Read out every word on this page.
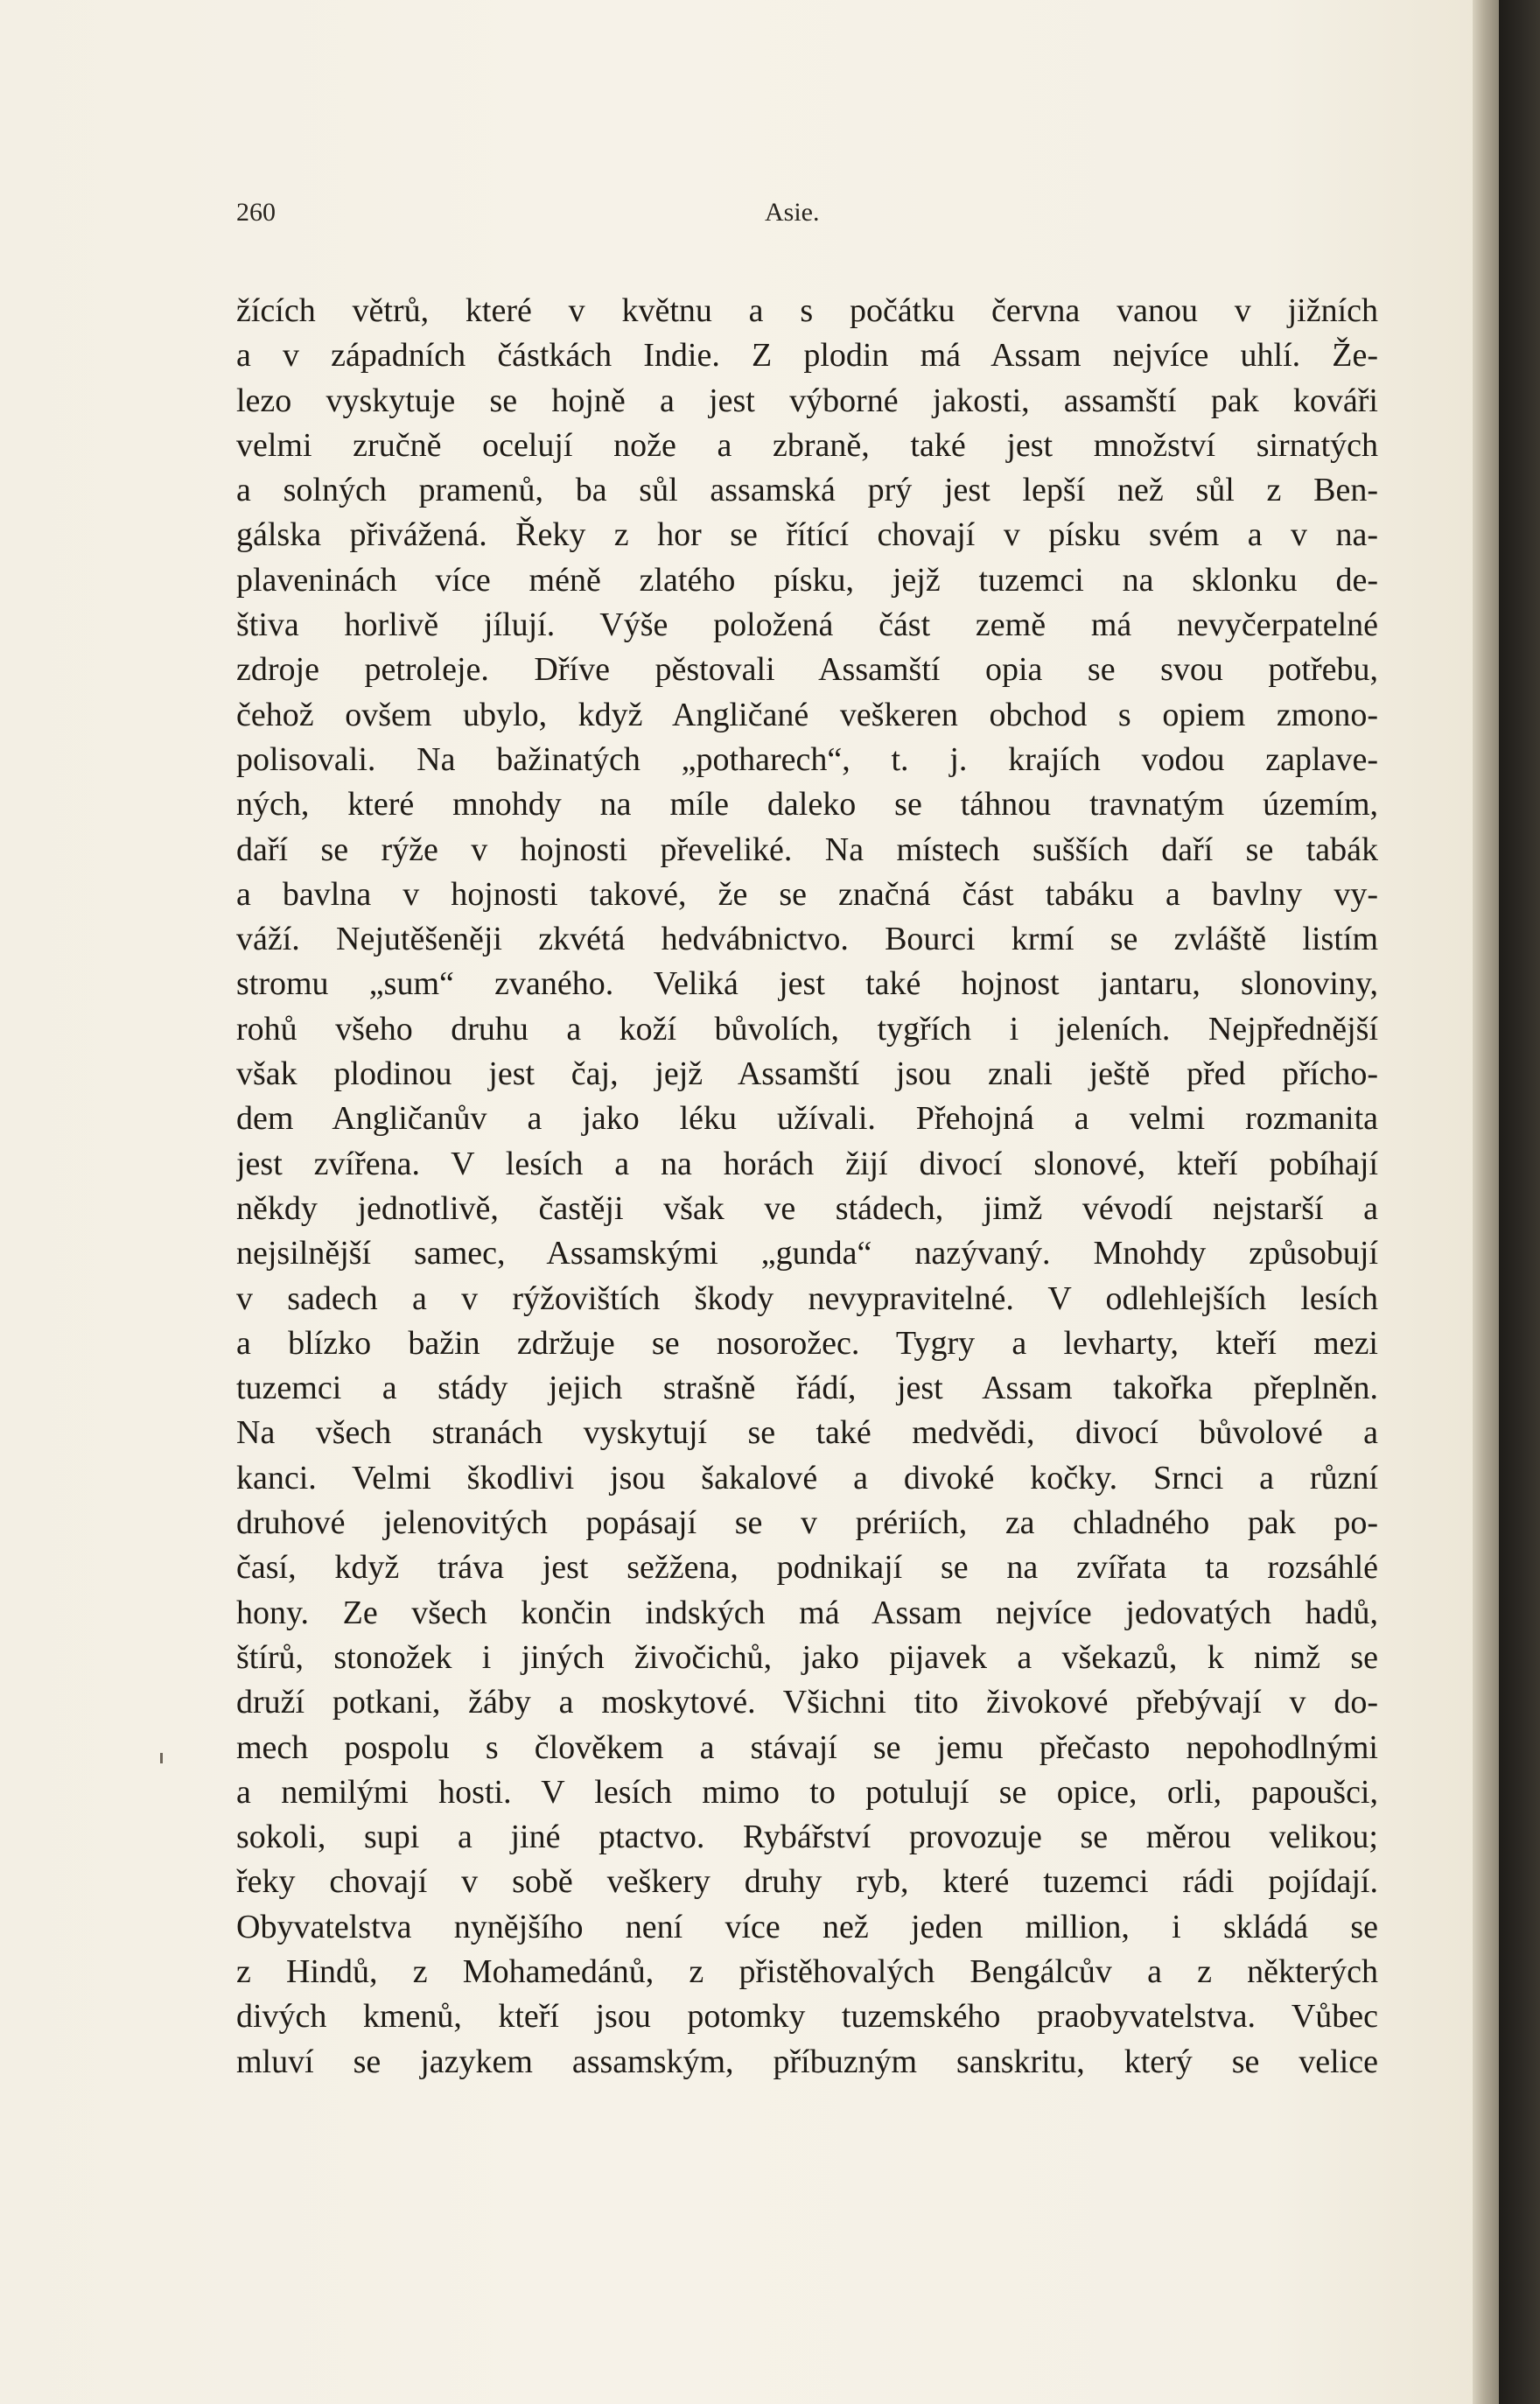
260	Asie.
žících větrů, které v květnu a s počátku června vanou v jižních
a v západních částkách Indie. Z plodin má Assam nejvíce uhlí. Že-
lezo vyskytuje se hojně a jest výborné jakosti, assamští pak kováři
velmi zručně ocelují nože a zbraně, také jest množství sirnatých
a solných pramenů, ba sůl assamská prý jest lepší než sůl z Ben-
gálska přivážená. Řeky z hor se řítící chovají v písku svém a v na-
plaveninách více méně zlatého písku, jejž tuzemci na sklonku de-
štiva horlivě jílují. Výše položená část země má nevyčerpatelné
zdroje petroleje. Dříve pěstovali Assamští opia se svou potřebu,
čehož ovšem ubylo, když Angličané veškeren obchod s opiem zmono-
polisovali. Na bažinatých „potharech“, t. j. krajích vodou zaplave-
ných, které mnohdy na míle daleko se táhnou travnatým územím,
daří se rýže v hojnosti převeliké. Na místech sušších daří se tabák
a bavlna v hojnosti takové, že se značná část tabáku a bavlny vy-
váží. Nejutěšeněji zkvétá hedvábnictvo. Bourci krmí se zvláště listím
stromu „sum“ zvaného. Veliká jest také hojnost jantaru, slonoviny,
rohů všeho druhu a koží bůvolích, tygřích i jeleních. Nejpřednější
však plodinou jest čaj, jejž Assamští jsou znali ještě před přícho-
dem Angličanův a jako léku užívali. Přehojná a velmi rozmanita
jest zvířena. V lesích a na horách žijí divocí slonové, kteří pobíhají
někdy jednotlivě, častěji však ve stádech, jimž vévodí nejstarší a
nejsilnější samec, Assamskými „gunda“ nazývaný. Mnohdy způsobují
v sadech a v rýžovištích škody nevypravitelné. V odlehlejších lesích
a blízko bažin zdržuje se nosorožec. Tygry a levharty, kteří mezi
tuzemci a stády jejich strašně řádí, jest Assam takořka přeplněn.
Na všech stranách vyskytují se také medvědi, divocí bůvolové a
kanci. Velmi škodlivi jsou šakalové a divoké kočky. Srnci a různí
druhové jelenovitých popásají se v prériích, za chladného pak po-
časí, když tráva jest sežžena, podnikají se na zvířata ta rozsáhlé
hony. Ze všech končin indských má Assam nejvíce jedovatých hadů,
štírů, stonožek i jiných živočichů, jako pijavek a všekazů, k nimž se
druží potkani, žáby a moskytové. Všichni tito živokové přebývají v do-
mech pospolu s člověkem a stávají se jemu přečasto nepohodlnými
a nemilými hosti. V lesích mimo to potulují se opice, orli, papoušci,
sokoli, supi a jiné ptactvo. Rybářství provozuje se měrou velikou;
řeky chovají v sobě veškery druhy ryb, které tuzemci rádi pojídají.
Obyvatelstva nynějšího není více než jeden million, i skládá se
z Hindů, z Mohamedánů, z přistěhovalých Bengálcův a z některých
divých kmenů, kteří jsou potomky tuzemského praobyvatelstva. Vůbec
mluví se jazykem assamským, příbuzným sanskritu, který se velice
